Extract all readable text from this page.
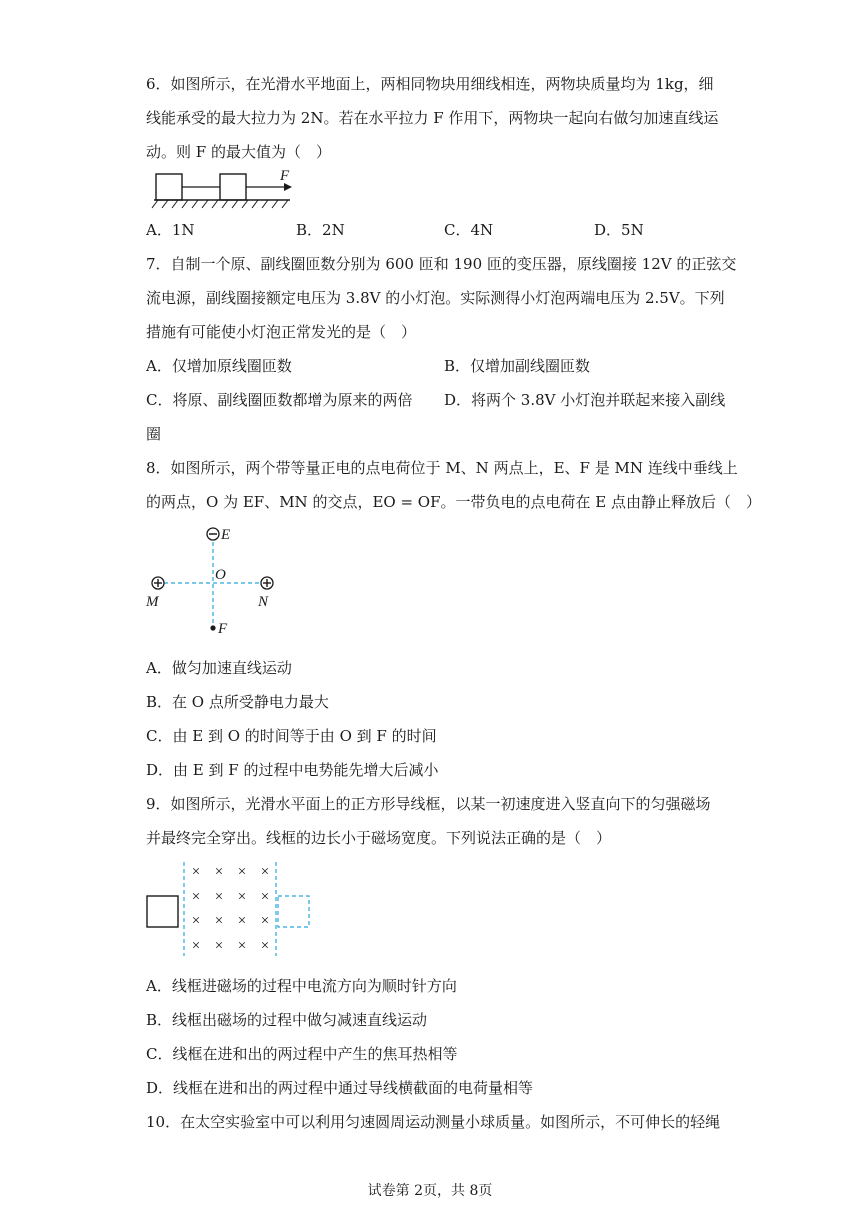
6．如图所示，在光滑水平地面上，两相同物块用细线相连，两物块质量均为 1kg，细
线能承受的最大拉力为 2N。若在水平拉力 F 作用下，两物块一起向右做匀加速直线运
动。则 F 的最大值为（　）
F
A．1N	B．2N	C．4N	D．5N
7．自制一个原、副线圈匝数分别为 600 匝和 190 匝的变压器，原线圈接 12V 的正弦交
流电源，副线圈接额定电压为 3.8V 的小灯泡。实际测得小灯泡两端电压为 2.5V。下列
措施有可能使小灯泡正常发光的是（　）
A．仅增加原线圈匝数	B．仅增加副线圈匝数
C．将原、副线圈匝数都增为原来的两倍 D．将两个 3.8V 小灯泡并联起来接入副线
圈
8．如图所示，两个带等量正电的点电荷位于 M、N 两点上，E、F 是 MN 连线中垂线上
的两点，O 为 EF、MN 的交点，EO = OF。一带负电的点电荷在 E 点由静止释放后（　）
E
M	N
O
F
A．做匀加速直线运动
B．在 O 点所受静电力最大
C．由 E 到 O 的时间等于由 O 到 F 的时间
D．由 E 到 F 的过程中电势能先增大后减小
9．如图所示，光滑水平面上的正方形导线框，以某一初速度进入竖直向下的匀强磁场
并最终完全穿出。线框的边长小于磁场宽度。下列说法正确的是（　）
× × × ×
× × × ×
× × × ×
× × × ×
A．线框进磁场的过程中电流方向为顺时针方向
B．线框出磁场的过程中做匀减速直线运动
C．线框在进和出的两过程中产生的焦耳热相等
D．线框在进和出的两过程中通过导线横截面的电荷量相等
10．在太空实验室中可以利用匀速圆周运动测量小球质量。如图所示，不可伸长的轻绳
试卷第 2页，共 8页
